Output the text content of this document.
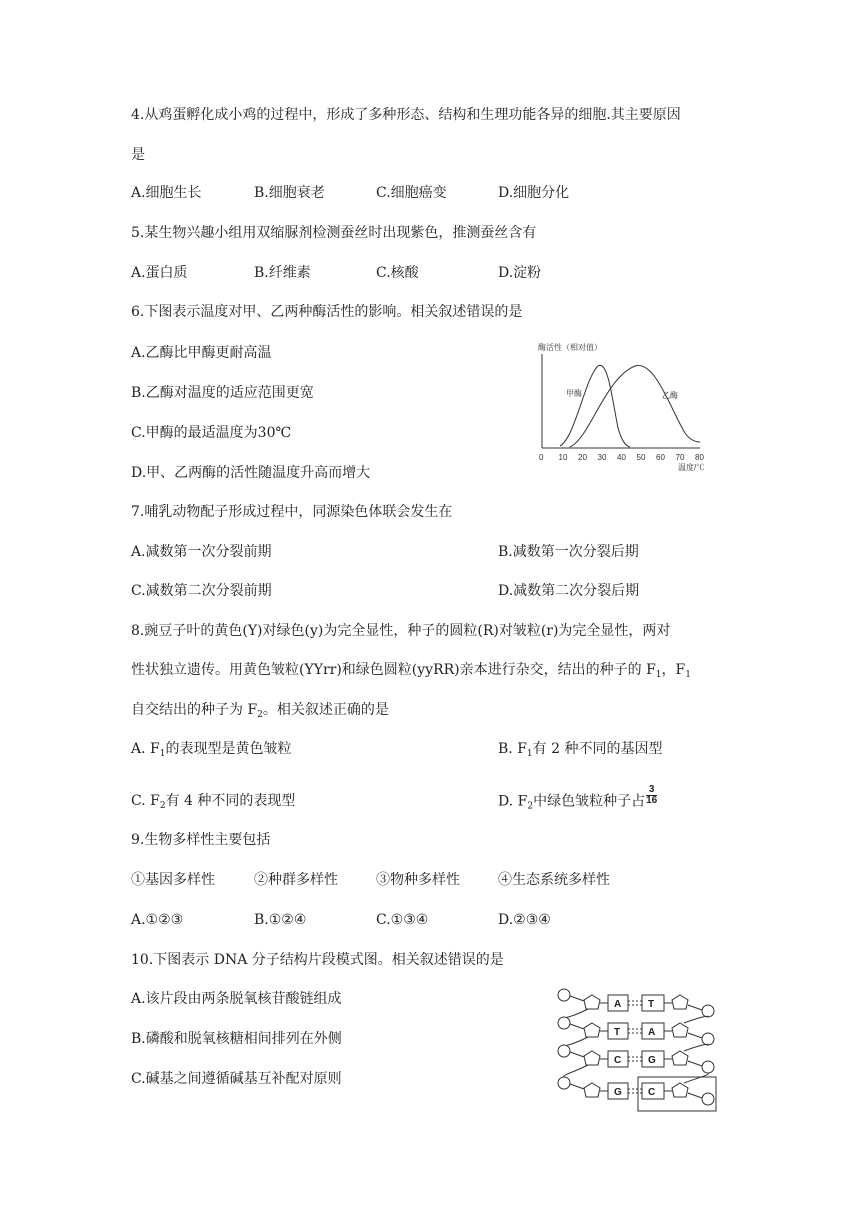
4.从鸡蛋孵化成小鸡的过程中，形成了多种形态、结构和生理功能各异的细胞.其主要原因
是
A.细胞生长	B.细胞衰老	C.细胞癌变	D.细胞分化
5.某生物兴趣小组用双缩脲剂检测蚕丝时出现紫色，推测蚕丝含有
A.蛋白质	B.纤维素	C.核酸	D.淀粉
6.下图表示温度对甲、乙两种酶活性的影响。相关叙述错误的是
A.乙酶比甲酶更耐高温
B.乙酶对温度的适应范围更宽
C.甲酶的最适温度为30℃
D.甲、乙两酶的活性随温度升高而增大
酶活性（相对值）
甲酶	乙酶
0 10 20 30 40 50 60 70 80
温度/℃
7.哺乳动物配子形成过程中，同源染色体联会发生在
A.减数第一次分裂前期	B.减数第一次分裂后期
C.减数第二次分裂前期	D.减数第二次分裂后期
8.豌豆子叶的黄色(Y)对绿色(y)为完全显性，种子的圆粒(R)对皱粒(r)为完全显性，两对
性状独立遗传。用黄色皱粒(YYrr)和绿色圆粒(yyRR)亲本进行杂交，结出的种子的 $F_1$，$F_1$
自交结出的种子为 $F_2$。相关叙述正确的是
A. $F_1$的表现型是黄色皱粒	B. $F_1$有 2 种不同的基因型
C. $F_2$有 4 种不同的表现型	D. $F_2$中绿色皱粒种子占 $\frac{3}{16}$
9.生物多样性主要包括
①基因多样性	②种群多样性	③物种多样性	④生态系统多样性
A.①②③	B.①②④	C.①③④	D.②③④
10.下图表示 DNA 分子结构片段模式图。相关叙述错误的是
A.该片段由两条脱氧核苷酸链组成
B.磷酸和脱氧核糖相间排列在外侧
C.碱基之间遵循碱基互补配对原则
A	T
T	A
C	G
G	C
